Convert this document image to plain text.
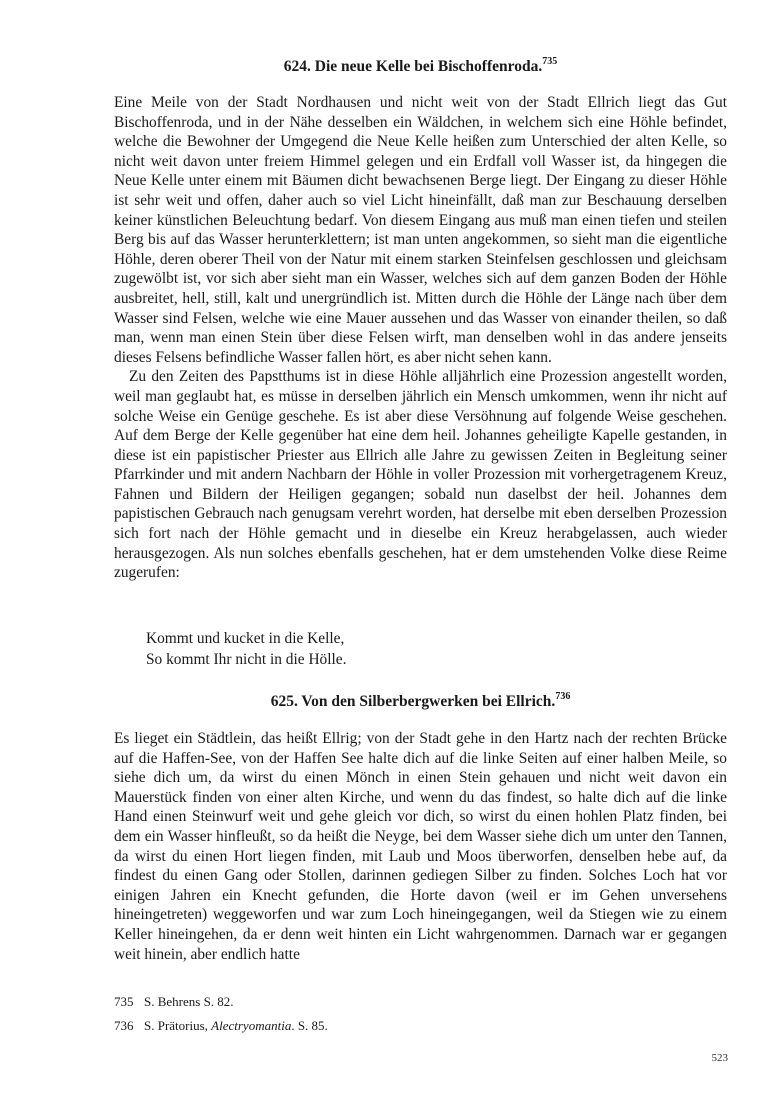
624. Die neue Kelle bei Bischoffenroda.$^{735}$

Eine Meile von der Stadt Nordhausen und nicht weit von der Stadt Ellrich liegt das Gut Bischoffenroda, und in der Nähe desselben ein Wäldchen, in welchem sich eine Höhle befindet, welche die Bewohner der Umgegend die Neue Kelle heißen zum Unterschied der alten Kelle, so nicht weit davon unter freiem Himmel gelegen und ein Erdfall voll Wasser ist, da hingegen die Neue Kelle unter einem mit Bäumen dicht bewachsenen Berge liegt. Der Eingang zu dieser Höhle ist sehr weit und offen, daher auch so viel Licht hineinfällt, daß man zur Beschauung derselben keiner künstlichen Beleuchtung bedarf. Von diesem Eingang aus muß man einen tiefen und steilen Berg bis auf das Wasser herunterklettern; ist man unten angekommen, so sieht man die eigentliche Höhle, deren oberer Theil von der Natur mit einem starken Steinfelsen geschlossen und gleichsam zugewölbt ist, vor sich aber sieht man ein Wasser, welches sich auf dem ganzen Boden der Höhle ausbreitet, hell, still, kalt und unergründlich ist. Mitten durch die Höhle der Länge nach über dem Wasser sind Felsen, welche wie eine Mauer aussehen und das Wasser von einander theilen, so daß man, wenn man einen Stein über diese Felsen wirft, man denselben wohl in das andere jenseits dieses Felsens befindliche Wasser fallen hört, es aber nicht sehen kann.

Zu den Zeiten des Papstthums ist in diese Höhle alljährlich eine Prozession angestellt worden, weil man geglaubt hat, es müsse in derselben jährlich ein Mensch umkommen, wenn ihr nicht auf solche Weise ein Genüge geschehe. Es ist aber diese Versöhnung auf folgende Weise geschehen. Auf dem Berge der Kelle gegenüber hat eine dem heil. Johannes geheiligte Kapelle gestanden, in diese ist ein papistischer Priester aus Ellrich alle Jahre zu gewissen Zeiten in Begleitung seiner Pfarrkinder und mit andern Nachbarn der Höhle in voller Prozession mit vorhergetragenem Kreuz, Fahnen und Bildern der Heiligen gegangen; sobald nun daselbst der heil. Johannes dem papistischen Gebrauch nach genugsam verehrt worden, hat derselbe mit eben derselben Prozession sich fort nach der Höhle gemacht und in dieselbe ein Kreuz herabgelassen, auch wieder herausgezogen. Als nun solches ebenfalls geschehen, hat er dem umstehenden Volke diese Reime zugerufen:

Kommt und kucket in die Kelle,
So kommt Ihr nicht in die Hölle.
625. Von den Silberbergwerken bei Ellrich.$^{736}$

Es lieget ein Städtlein, das heißt Ellrig; von der Stadt gehe in den Hartz nach der rechten Brücke auf die Haffen-See, von der Haffen See halte dich auf die linke Seiten auf einer halben Meile, so siehe dich um, da wirst du einen Mönch in einen Stein gehauen und nicht weit davon ein Mauerstück finden von einer alten Kirche, und wenn du das findest, so halte dich auf die linke Hand einen Steinwurf weit und gehe gleich vor dich, so wirst du einen hohlen Platz finden, bei dem ein Wasser hinfleußt, so da heißt die Neyge, bei dem Wasser siehe dich um unter den Tannen, da wirst du einen Hort liegen finden, mit Laub und Moos überworfen, denselben hebe auf, da findest du einen Gang oder Stollen, darinnen gediegen Silber zu finden. Solches Loch hat vor einigen Jahren ein Knecht gefunden, die Horte davon (weil er im Gehen unversehens hineingetreten) weggeworfen und war zum Loch hineingegangen, weil da Stiegen wie zu einem Keller hineingehen, da er denn weit hinten ein Licht wahrgenommen. Darnach war er gegangen weit hinein, aber endlich hatte

735 S. Behrens S. 82.
736 S. Prätorius, Alectryomantia. S. 85.
523
